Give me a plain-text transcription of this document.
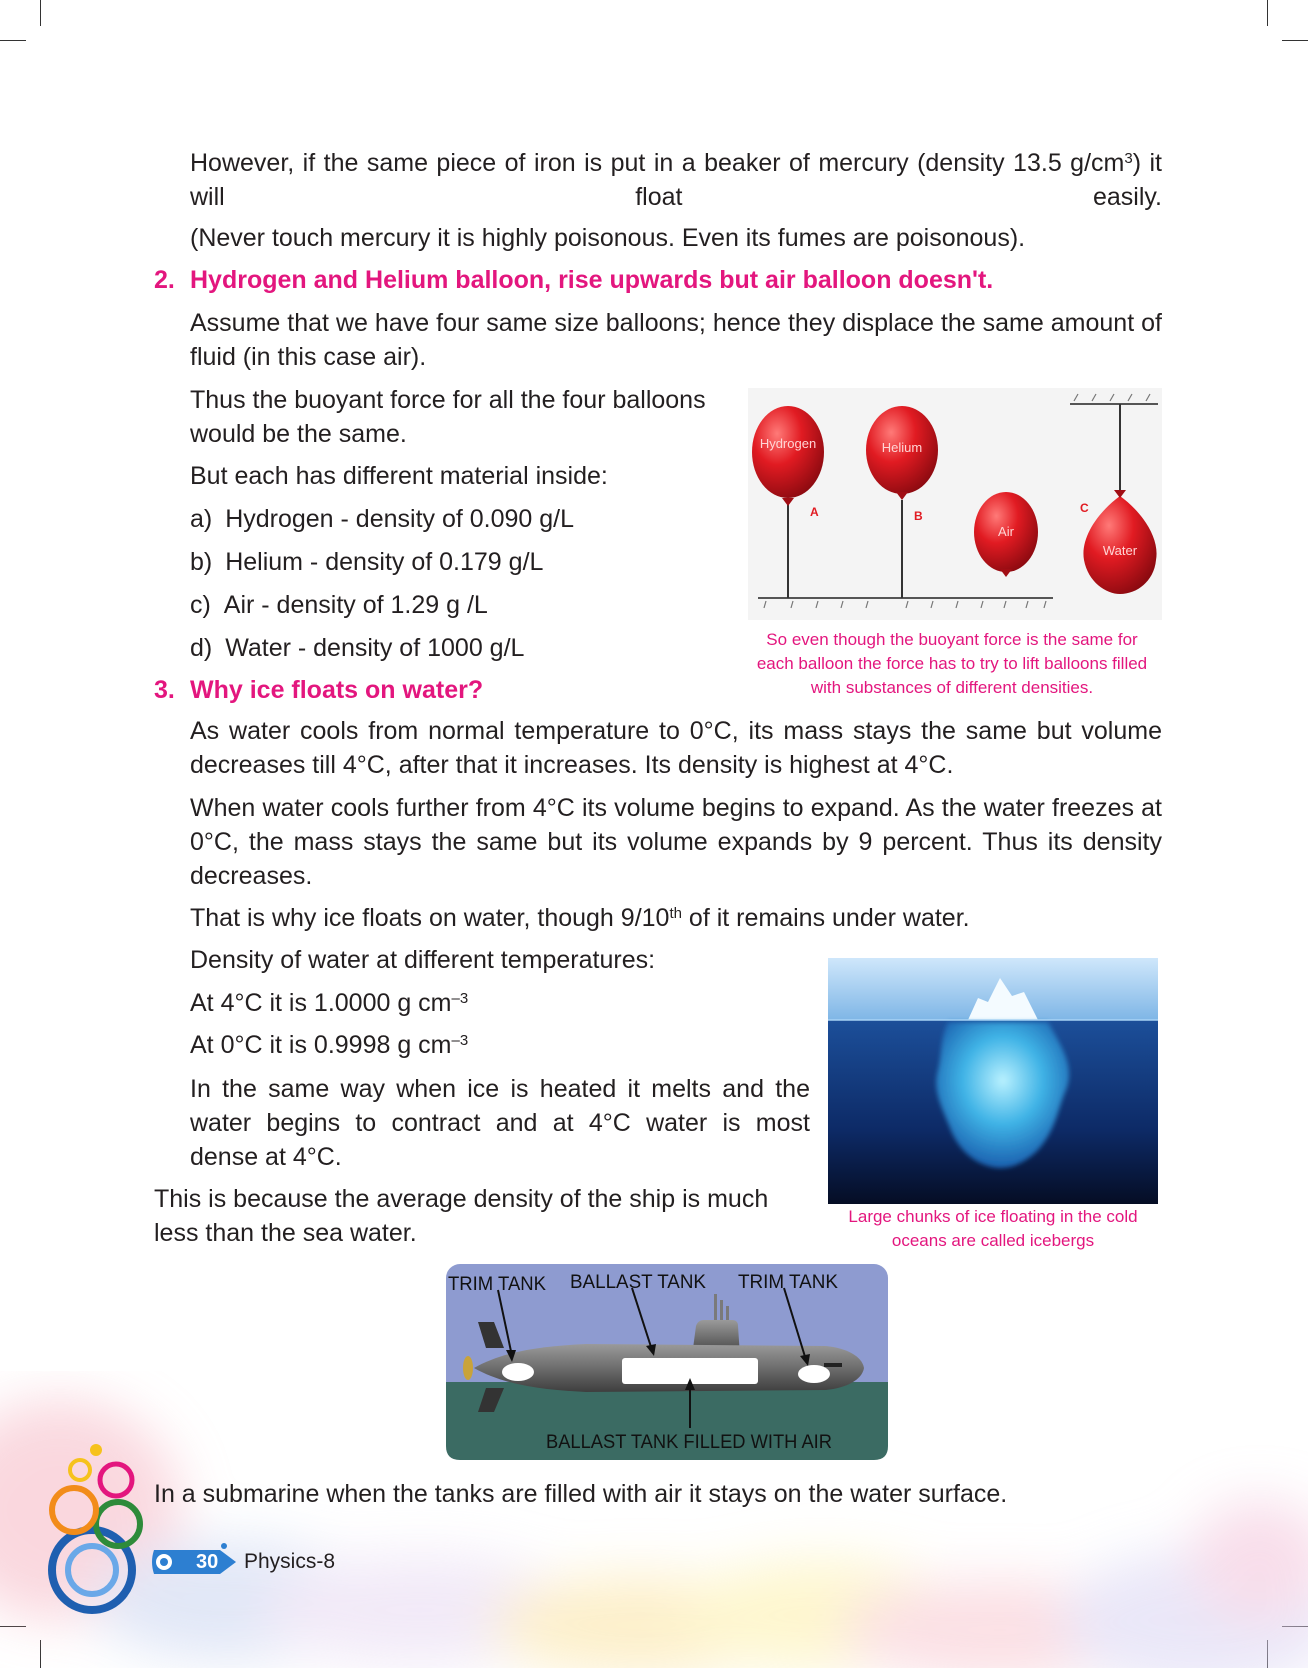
However, if the same piece of iron is put in a beaker of mercury (density 13.5 $g/cm^3$) it will float easily.

(Never touch mercury it is highly poisonous. Even its fumes are poisonous).

2. Hydrogen and Helium balloon, rise upwards but air balloon doesn't.

Assume that we have four same size balloons; hence they displace the same amount of fluid (in this case air).

Thus the buoyant force for all the four balloons would be the same.

But each has different material inside:

a) Hydrogen - density of 0.090 g/L
b) Helium - density of 0.179 g/L
c) Air - density of 1.29 g /L
d) Water - density of 1000 g/L
Hydrogen	Helium
Air
Water
A	B
C
So even though the buoyant force is the same for each balloon the force has to try to lift balloons filled with substances of different densities.
3. Why ice floats on water?

As water cools from normal temperature to 0°C, its mass stays the same but volume decreases till 4°C, after that it increases. Its density is highest at 4°C.

When water cools further from 4°C its volume begins to expand. As the water freezes at 0°C, the mass stays the same but its volume expands by 9 percent. Thus its density decreases.

That is why ice floats on water, though 9/10th of it remains under water.

Density of water at different temperatures:

At 4°C it is 1.0000 g $cm^{-3}$

At 0°C it is 0.9998 g $cm^{-3}$

In the same way when ice is heated it melts and the water begins to contract and at 4°C water is most dense at 4°C.

Large chunks of ice floating in the cold oceans are called icebergs

This is because the average density of the ship is much less than the sea water.

TRIM TANK BALLAST TANK TRIM TANK
BALLAST TANK FILLED WITH AIR

In a submarine when the tanks are filled with air it stays on the water surface.

30 Physics-8
